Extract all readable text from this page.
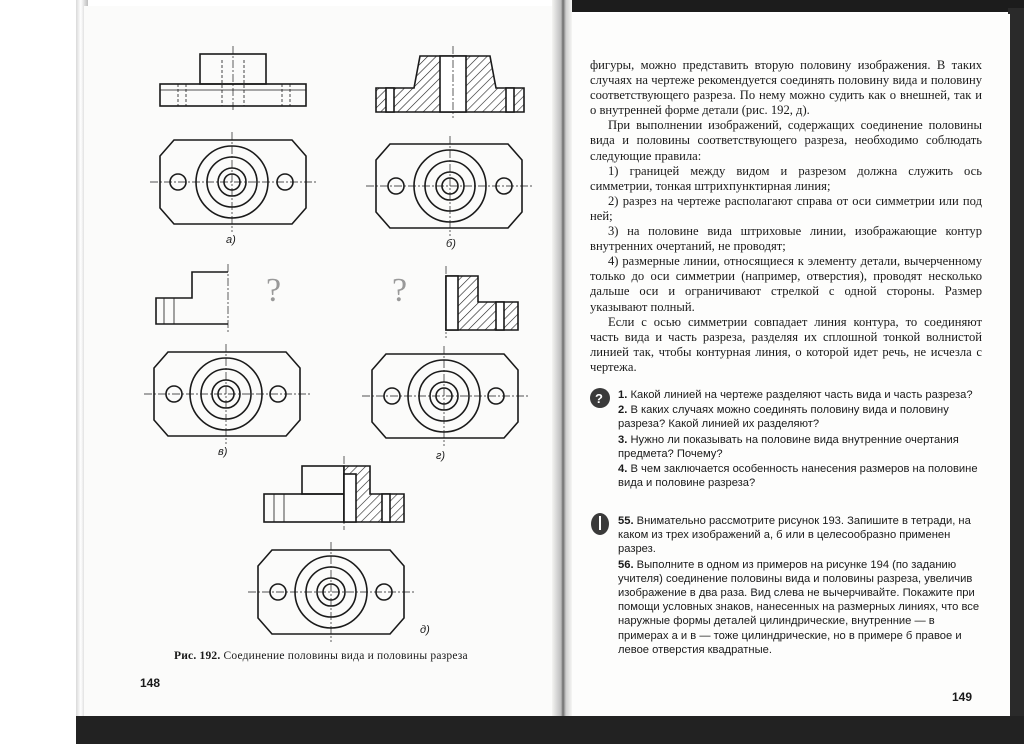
?
?	?
а)	б)
в)	г)
д)
Рис. 192. Соединение половины вида и половины разреза
148

фигуры, можно представить вторую половину изображения. В таких случаях на чертеже рекомендуется соединять половину вида и половину соответствующего разреза. По нему можно судить как о внешней, так и о внутренней форме детали (рис. 192, д).

При выполнении изображений, содержащих соединение половины вида и половины соответствующего разреза, необходимо соблюдать следующие правила:

1) границей между видом и разрезом должна служить ось симметрии, тонкая штрихпунктирная линия;

2) разрез на чертеже располагают справа от оси симметрии или под ней;

3) на половине вида штриховые линии, изображающие контур внутренних очертаний, не проводят;

4) размерные линии, относящиеся к элементу детали, вычерченному только до оси симметрии (например, отверстия), проводят несколько дальше оси и ограничивают стрелкой с одной стороны. Размер указывают полный.

Если с осью симметрии совпадает линия контура, то соединяют часть вида и часть разреза, разделяя их сплошной тонкой волнистой линией так, чтобы контурная линия, о которой идет речь, не исчезла с чертежа.

1. Какой линией на чертеже разделяют часть вида и часть разреза?

2. В каких случаях можно соединять половину вида и половину разреза? Какой линией их разделяют?

3. Нужно ли показывать на половине вида внутренние очертания предмета? Почему?

4. В чем заключается особенность нанесения размеров на половине вида и половине разреза?

55. Внимательно рассмотрите рисунок 193. Запишите в тетради, на каком из трех изображений а, б или в целесообразно применен разрез.

56. Выполните в одном из примеров на рисунке 194 (по заданию учителя) соединение половины вида и половины разреза, увеличив изображение в два раза. Вид слева не вычерчивайте. Покажите при помощи условных знаков, нанесенных на размерных линиях, что все наружные формы деталей цилиндрические, внутренние — в примерах а и в — тоже цилиндрические, но в примере б правое и левое отверстия квадратные.

149
